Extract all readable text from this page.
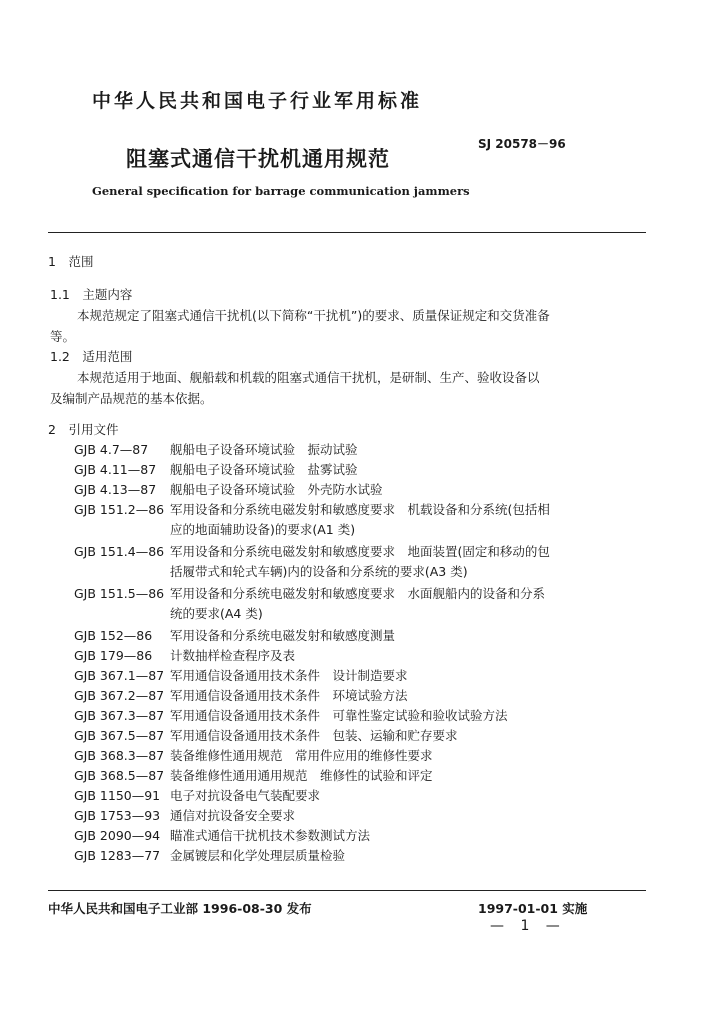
中华人民共和国电子行业军用标准
阻塞式通信干扰机通用规范
SJ 20578－96
General specification for barrage communication jammers
1　范围
1.1　主题内容
本规范规定了阻塞式通信干扰机(以下简称“干扰机”)的要求、质量保证规定和交货准备等。
1.2　适用范围
本规范适用于地面、舰船载和机载的阻塞式通信干扰机，是研制、生产、验收设备以及编制产品规范的基本依据。
2　引用文件
GJB 4.7—87	舰船电子设备环境试验　振动试验
GJB 4.11—87	舰船电子设备环境试验　盐雾试验
GJB 4.13—87	舰船电子设备环境试验　外壳防水试验
GJB 151.2—86 军用设备和分系统电磁发射和敏感度要求　机载设备和分系统(包括相应的地面辅助设备)的要求(A1 类)
GJB 151.4—86 军用设备和分系统电磁发射和敏感度要求　地面装置(固定和移动的包括履带式和轮式车辆)内的设备和分系统的要求(A3 类)
GJB 151.5—86 军用设备和分系统电磁发射和敏感度要求　水面舰船内的设备和分系统的要求(A4 类)
GJB 152—86	军用设备和分系统电磁发射和敏感度测量
GJB 179—86	计数抽样检查程序及表
GJB 367.1—87 军用通信设备通用技术条件　设计制造要求
GJB 367.2—87 军用通信设备通用技术条件　环境试验方法
GJB 367.3—87 军用通信设备通用技术条件　可靠性鉴定试验和验收试验方法
GJB 367.5—87 军用通信设备通用技术条件　包装、运输和贮存要求
GJB 368.3—87 装备维修性通用规范　常用件应用的维修性要求
GJB 368.5—87 装备维修性通用通用规范　维修性的试验和评定
GJB 1150—91 电子对抗设备电气装配要求
GJB 1753—93 通信对抗设备安全要求
GJB 2090—94 瞄准式通信干扰机技术参数测试方法
GJB 1283—77 金属镀层和化学处理层质量检验
中华人民共和国电子工业部 1996-08-30 发布	1997-01-01 实施
— 1 —
